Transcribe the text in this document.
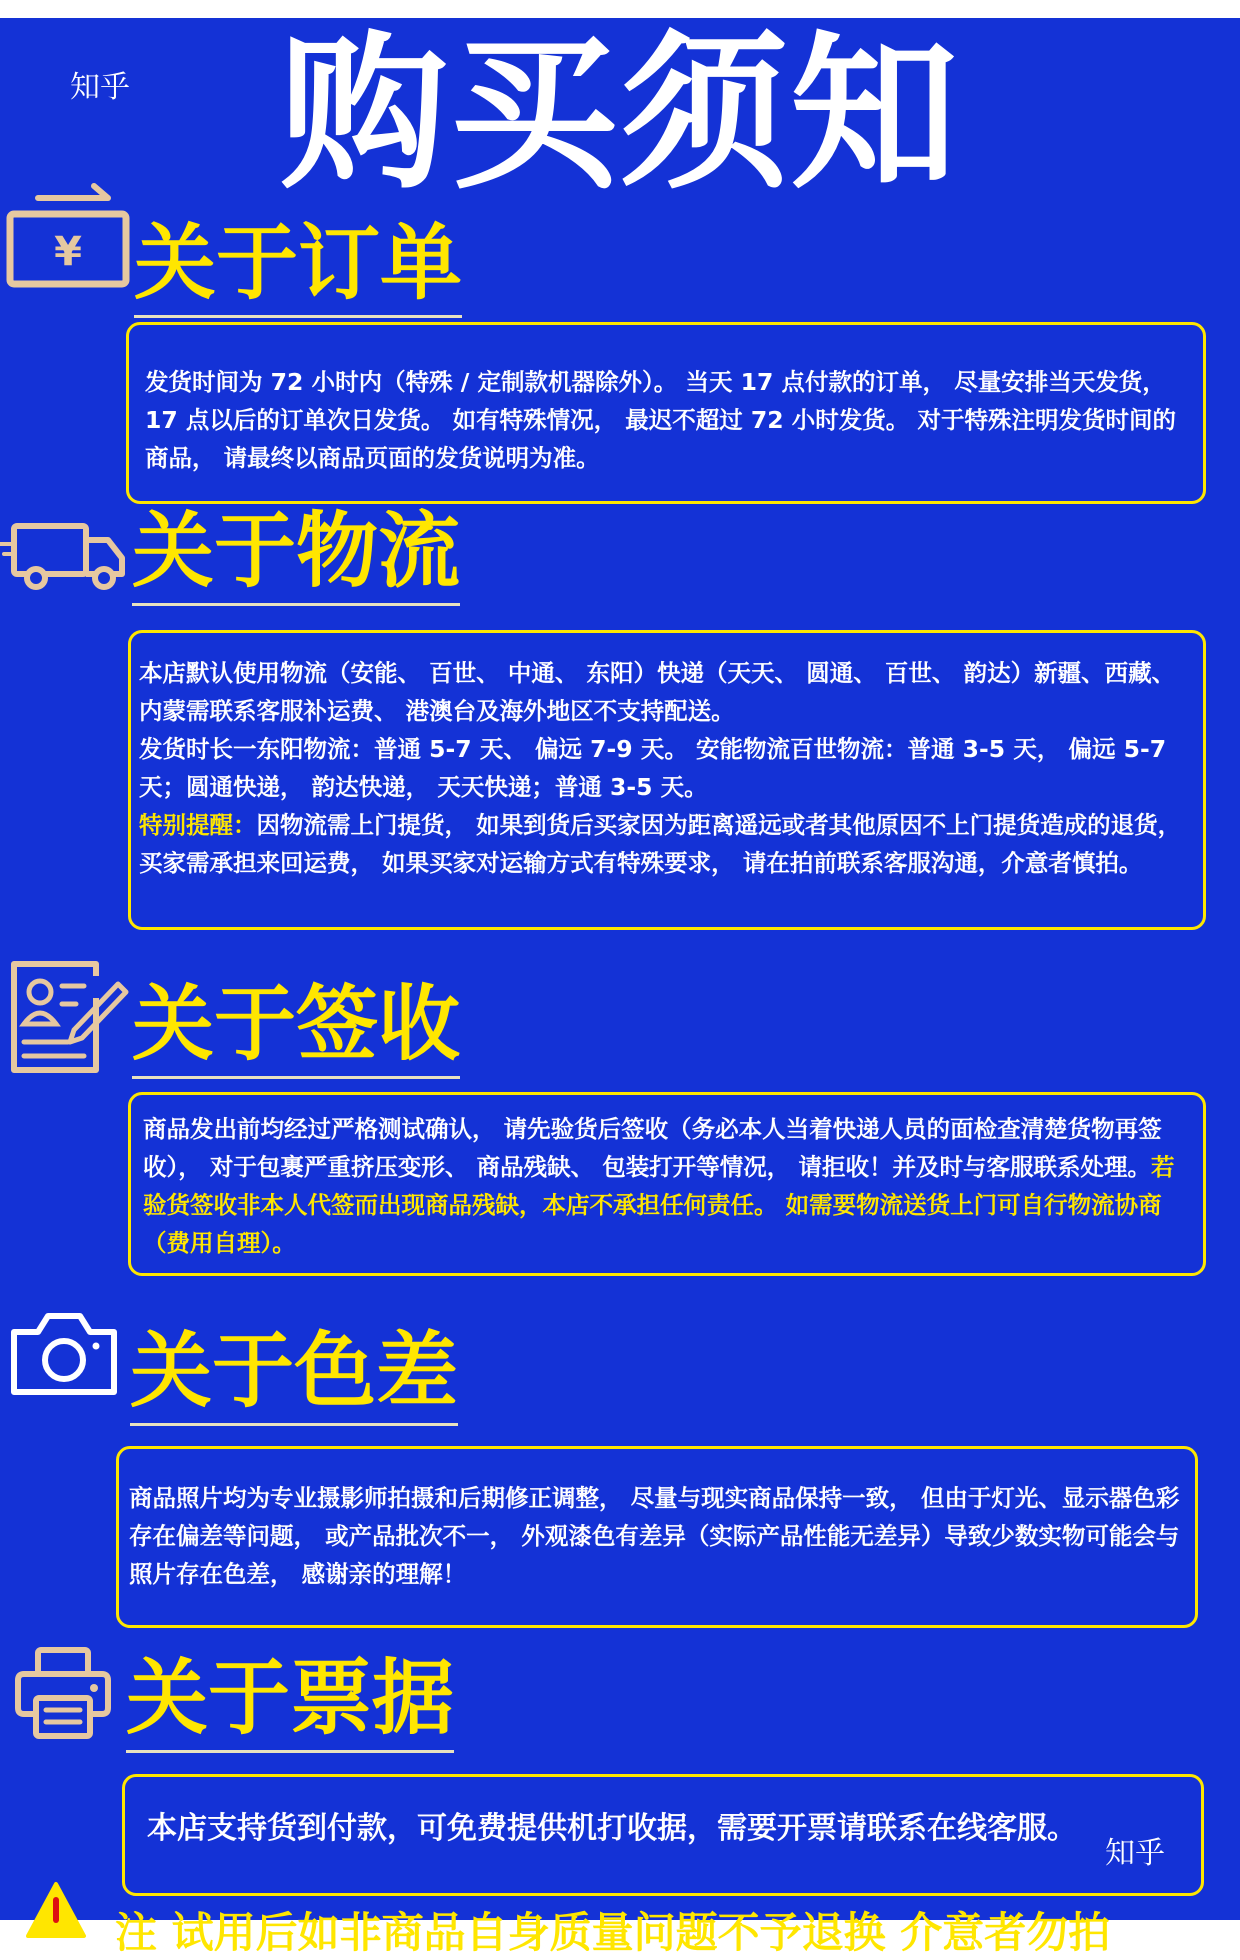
知乎 购买须知
¥ 关于订单

发货时间为 72 小时内（特殊 / 定制款机器除外）。 当天 17 点付款的订单， 尽量安排当天发货， 17 点以后的订单次日发货。 如有特殊情况， 最迟不超过 72 小时发货。 对于特殊注明发货时间的商品， 请最终以商品页面的发货说明为准。

关于物流

本店默认使用物流（安能、 百世、 中通、 东阳）快递（天天、 圆通、 百世、 韵达）新疆、西藏、 内蒙需联系客服补运费、 港澳台及海外地区不支持配送。

发货时长一东阳物流：普通 5-7 天、 偏远 7-9 天。 安能物流百世物流：普通 3-5 天， 偏远 5-7 天；圆通快递， 韵达快递， 天天快递；普通 3-5 天。

特别提醒：因物流需上门提货， 如果到货后买家因为距离遥远或者其他原因不上门提货造成的退货， 买家需承担来回运费， 如果买家对运输方式有特殊要求， 请在拍前联系客服沟通，介意者慎拍。

关于签收

商品发出前均经过严格测试确认， 请先验货后签收（务必本人当着快递人员的面检查清楚货物再签收）， 对于包裹严重挤压变形、 商品残缺、 包装打开等情况， 请拒收！并及时与客服联系处理。若验货签收非本人代签而出现商品残缺，本店不承担任何责任。 如需要物流送货上门可自行物流协商（费用自理）。

关于色差

商品照片均为专业摄影师拍摄和后期修正调整， 尽量与现实商品保持一致， 但由于灯光、显示器色彩存在偏差等问题， 或产品批次不一， 外观漆色有差异（实际产品性能无差异）导致少数实物可能会与照片存在色差， 感谢亲的理解！

关于票据

本店支持货到付款，可免费提供机打收据，需要开票请联系在线客服。

知乎
注 试用后如非商品自身质量问题不予退换 介意者勿拍
